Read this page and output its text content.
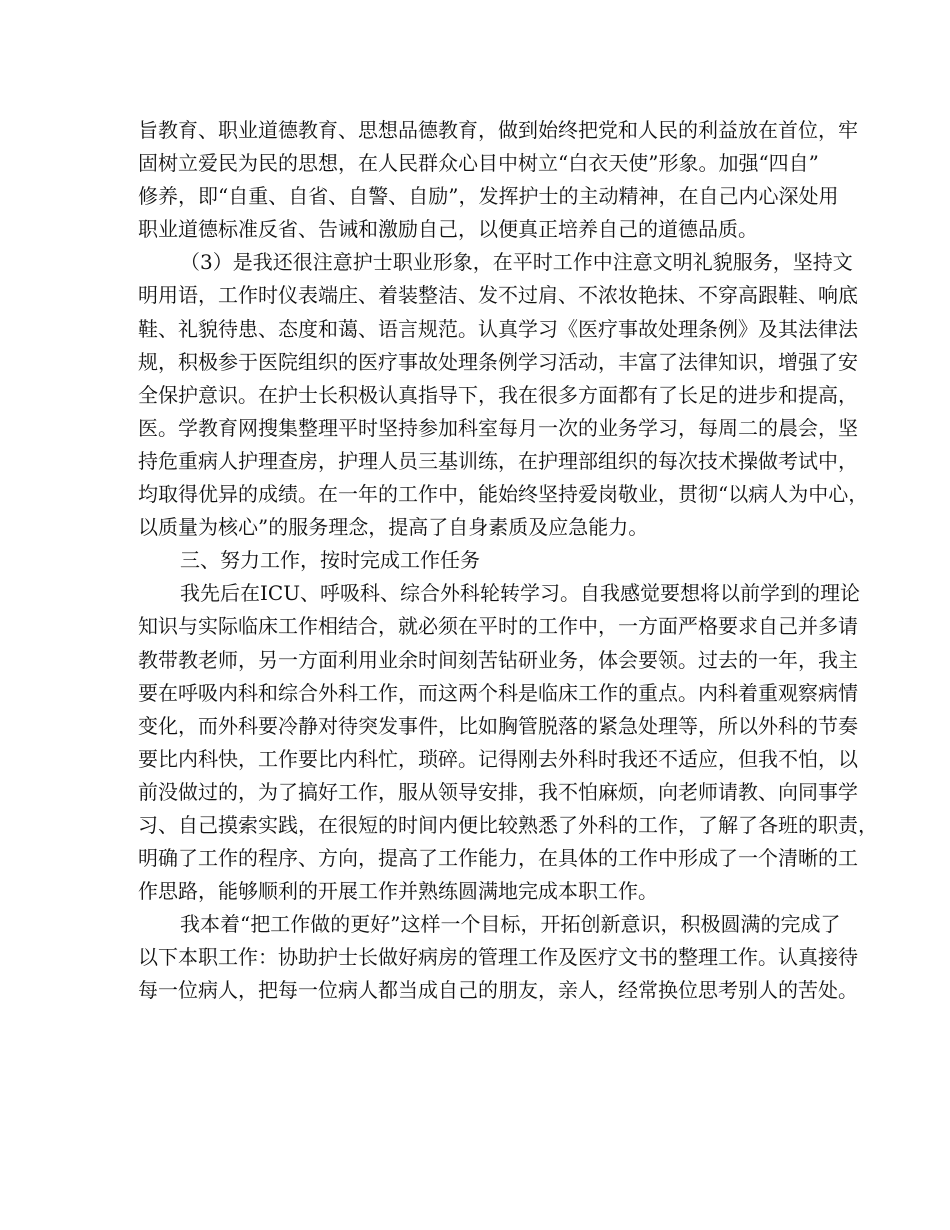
旨教育、职业道德教育、思想品德教育，做到始终把党和人民的利益放在首位，牢
固树立爱民为民的思想，在人民群众心目中树立“白衣天使”形象。加强“四自”
修养，即“自重、自省、自警、自励”，发挥护士的主动精神，在自己内心深处用
职业道德标准反省、告诫和激励自己，以便真正培养自己的道德品质。
（3）是我还很注意护士职业形象，在平时工作中注意文明礼貌服务，坚持文
明用语，工作时仪表端庄、着装整洁、发不过肩、不浓妆艳抹、不穿高跟鞋、响底
鞋、礼貌待患、态度和蔼、语言规范。认真学习《医疗事故处理条例》及其法律法
规，积极参于医院组织的医疗事故处理条例学习活动，丰富了法律知识，增强了安
全保护意识。在护士长积极认真指导下，我在很多方面都有了长足的进步和提高，
医。学教育网搜集整理平时坚持参加科室每月一次的业务学习，每周二的晨会，坚
持危重病人护理查房，护理人员三基训练，在护理部组织的每次技术操做考试中，
均取得优异的成绩。在一年的工作中，能始终坚持爱岗敬业，贯彻“以病人为中心，
以质量为核心”的服务理念，提高了自身素质及应急能力。
三、努力工作，按时完成工作任务
我先后在ICU、呼吸科、综合外科轮转学习。自我感觉要想将以前学到的理论
知识与实际临床工作相结合，就必须在平时的工作中，一方面严格要求自己并多请
教带教老师，另一方面利用业余时间刻苦钻研业务，体会要领。过去的一年，我主
要在呼吸内科和综合外科工作，而这两个科是临床工作的重点。内科着重观察病情
变化，而外科要冷静对待突发事件，比如胸管脱落的紧急处理等，所以外科的节奏
要比内科快，工作要比内科忙，琐碎。记得刚去外科时我还不适应，但我不怕，以
前没做过的，为了搞好工作，服从领导安排，我不怕麻烦，向老师请教、向同事学
习、自己摸索实践，在很短的时间内便比较熟悉了外科的工作，了解了各班的职责，
明确了工作的程序、方向，提高了工作能力，在具体的工作中形成了一个清晰的工
作思路，能够顺利的开展工作并熟练圆满地完成本职工作。
我本着“把工作做的更好”这样一个目标，开拓创新意识，积极圆满的完成了
以下本职工作：协助护士长做好病房的管理工作及医疗文书的整理工作。认真接待
每一位病人，把每一位病人都当成自己的朋友，亲人，经常换位思考别人的苦处。
